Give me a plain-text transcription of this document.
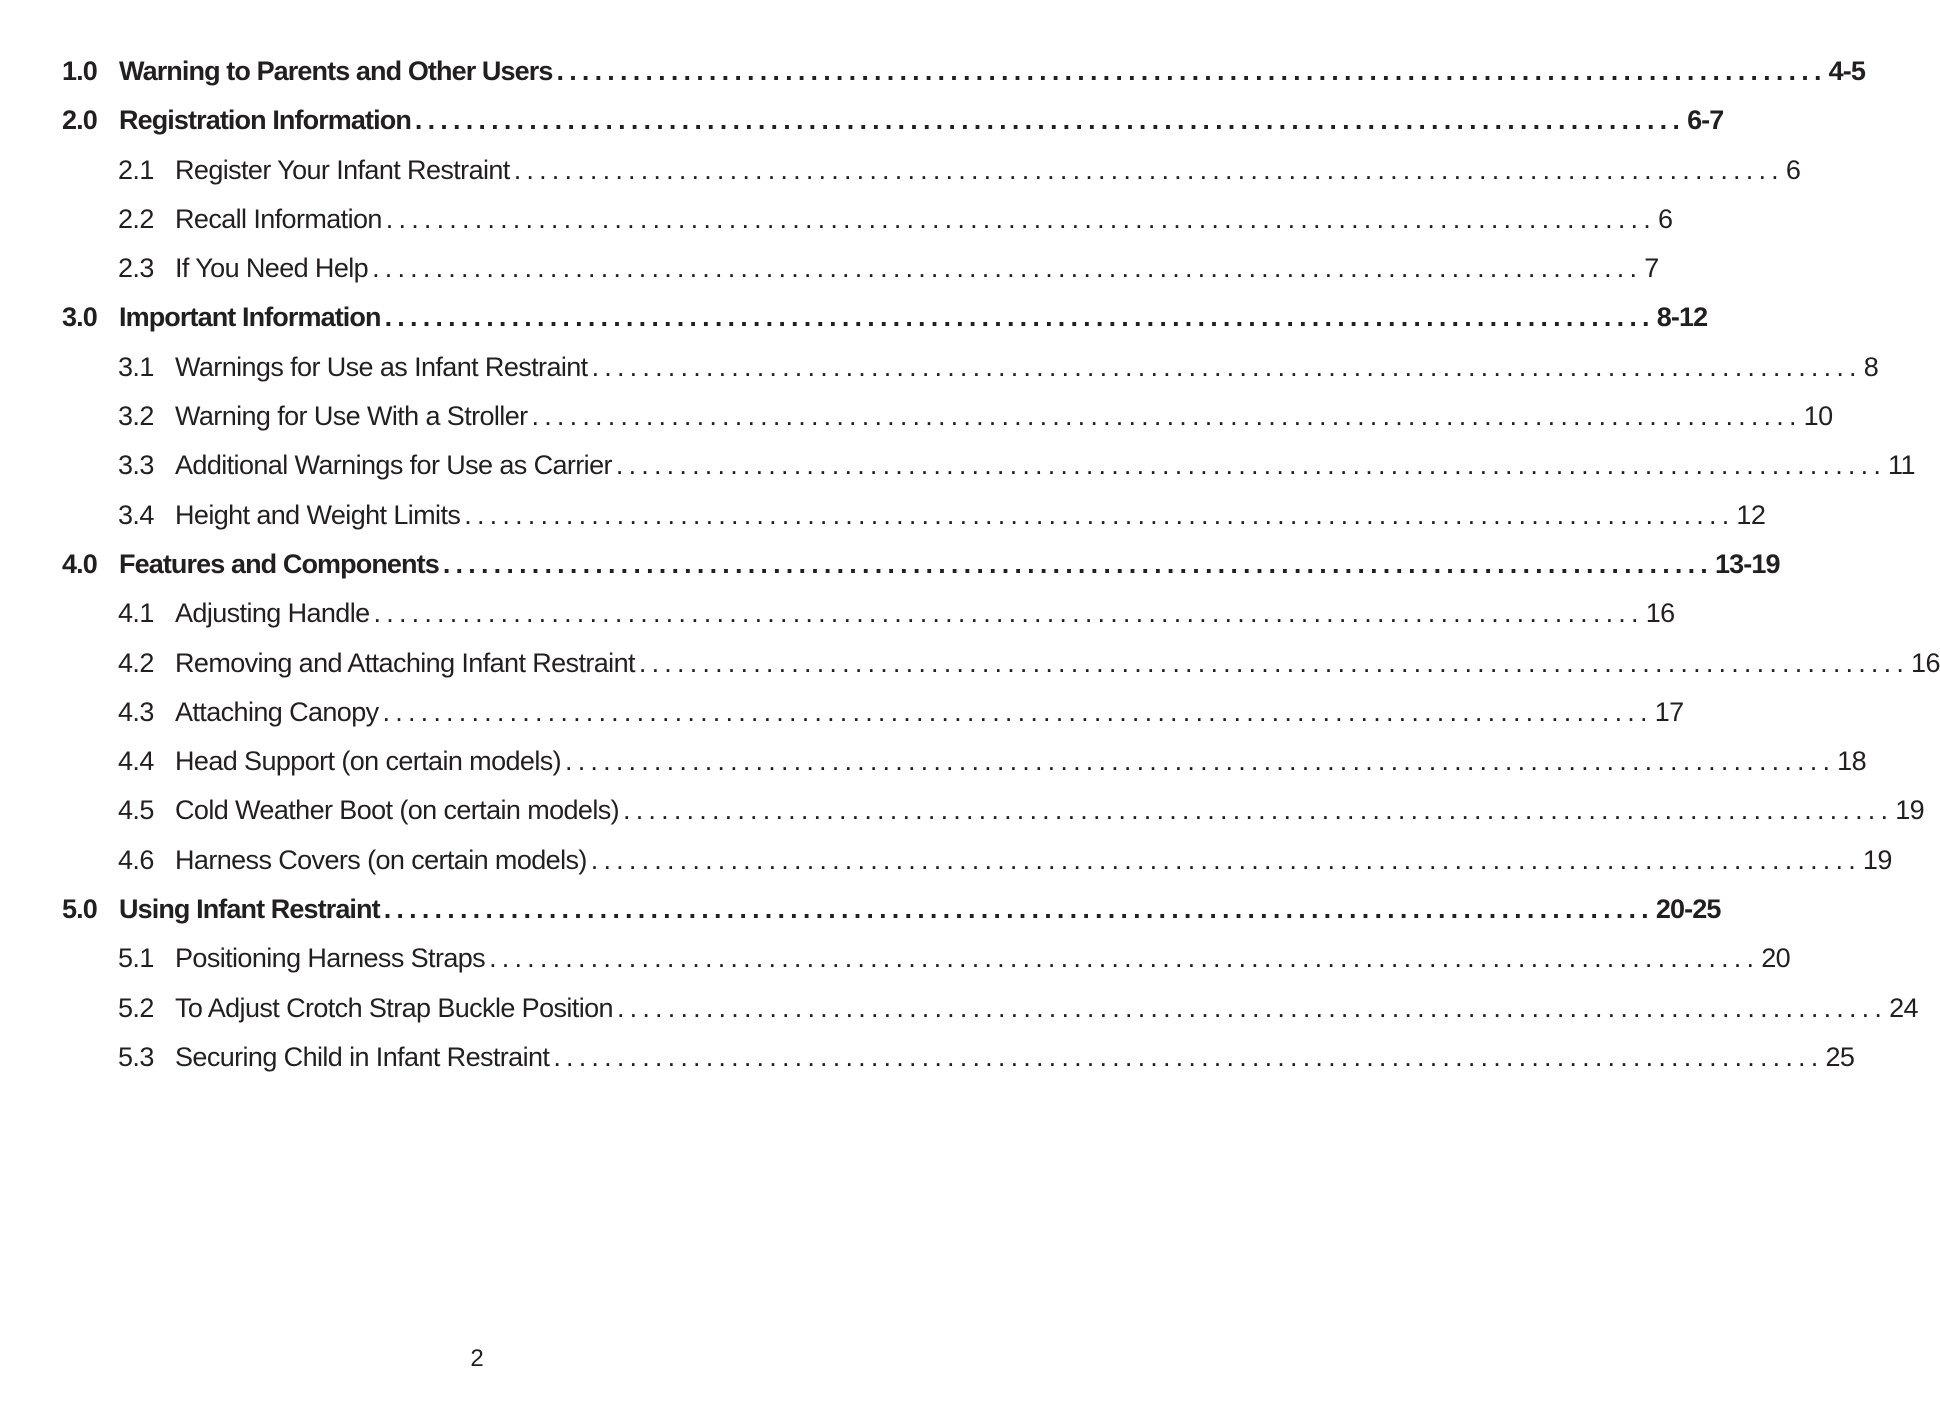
1.0 Warning to Parents and Other Users .................................................................................................... 4-5
2.0 Registration Information .................................................................................................... 6-7
2.1 Register Your Infant Restraint .................................................................................................... 6
2.2 Recall Information .................................................................................................... 6
2.3 If You Need Help .................................................................................................... 7
3.0 Important Information .................................................................................................... 8-12
3.1 Warnings for Use as Infant Restraint .................................................................................................... 8
3.2 Warning for Use With a Stroller .................................................................................................... 10
3.3 Additional Warnings for Use as Carrier .................................................................................................... 11
3.4 Height and Weight Limits .................................................................................................... 12
4.0 Features and Components .................................................................................................... 13-19
4.1 Adjusting Handle .................................................................................................... 16
4.2 Removing and Attaching Infant Restraint .................................................................................................... 16
4.3 Attaching Canopy .................................................................................................... 17
4.4 Head Support (on certain models) .................................................................................................... 18
4.5 Cold Weather Boot (on certain models) .................................................................................................... 19
4.6 Harness Covers (on certain models) .................................................................................................... 19
5.0 Using Infant Restraint .................................................................................................... 20-25
5.1 Positioning Harness Straps .................................................................................................... 20
5.2 To Adjust Crotch Strap Buckle Position .................................................................................................... 24
5.3 Securing Child in Infant Restraint .................................................................................................... 25
2
